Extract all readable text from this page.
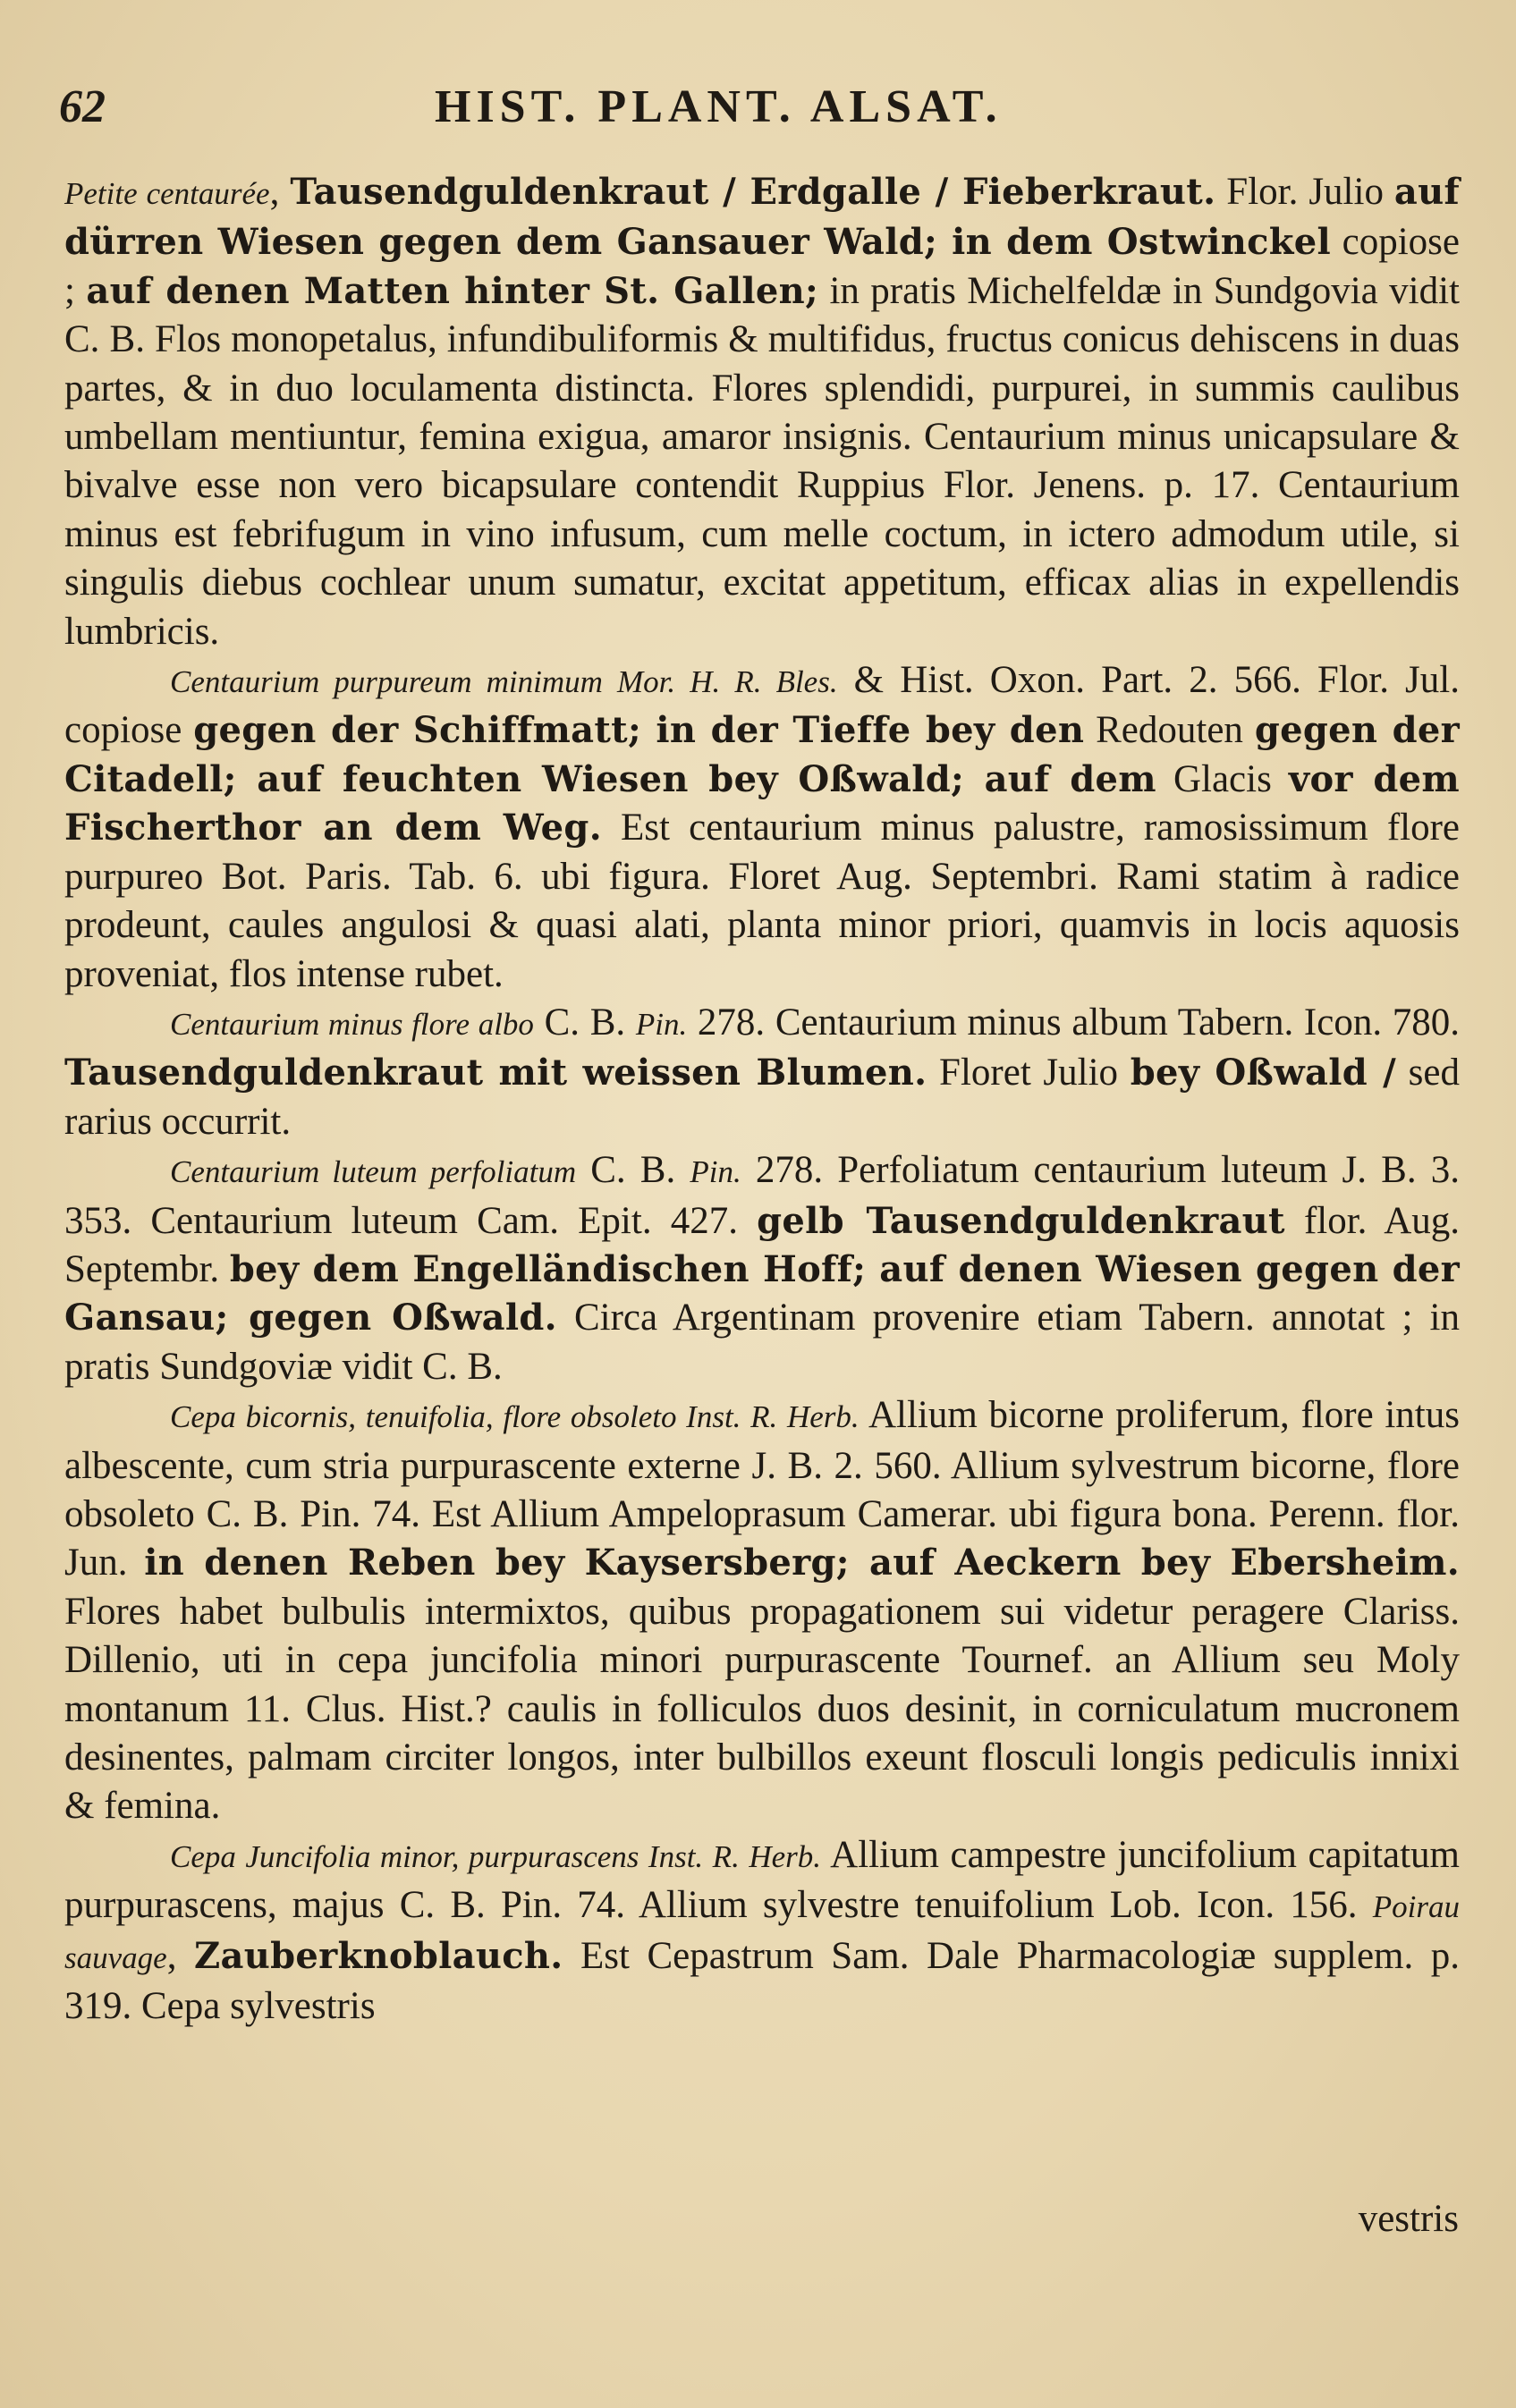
62	HIST. PLANT. ALSAT.

Petite centaurée, Tausendguldenkraut / Erdgalle / Fieberkraut. Flor. Julio auf dürren Wiesen gegen dem Gansauer Wald; in dem Ostwinckel copiose ; auf denen Matten hinter St. Gallen; in pratis Michelfeldæ in Sundgovia vidit C. B. Flos monopetalus, infundibuliformis & multifidus, fructus conicus dehiscens in duas partes, & in duo loculamenta distincta. Flores splendidi, purpurei, in summis caulibus umbellam mentiuntur, femina exigua, amaror insignis. Centaurium minus unicapsulare & bivalve esse non vero bicapsulare contendit Ruppius Flor. Jenens. p. 17. Centaurium minus est febrifugum in vino infusum, cum melle coctum, in ictero admodum utile, si singulis diebus cochlear unum sumatur, excitat appetitum, efficax alias in expellendis lumbricis.

Centaurium purpureum minimum Mor. H. R. Bles. & Hist. Oxon. Part. 2. 566. Flor. Jul. copiose gegen der Schiffmatt; in der Tieffe bey den Redouten gegen der Citadell; auf feuchten Wiesen bey Oßwald; auf dem Glacis vor dem Fischerthor an dem Weg. Est centaurium minus palustre, ramosissimum flore purpureo Bot. Paris. Tab. 6. ubi figura. Floret Aug. Septembri. Rami statim à radice prodeunt, caules angulosi & quasi alati, planta minor priori, quamvis in locis aquosis proveniat, flos intense rubet.

Centaurium minus flore albo C. B. Pin. 278. Centaurium minus album Tabern. Icon. 780. Tausendguldenkraut mit weissen Blumen. Floret Julio bey Oßwald / sed rarius occurrit.

Centaurium luteum perfoliatum C. B. Pin. 278. Perfoliatum centaurium luteum J. B. 3. 353. Centaurium luteum Cam. Epit. 427. gelb Tausendguldenkraut flor. Aug. Septembr. bey dem Engelländischen Hoff; auf denen Wiesen gegen der Gansau; gegen Oßwald. Circa Argentinam provenire etiam Tabern. annotat ; in pratis Sundgoviæ vidit C. B.

Cepa bicornis, tenuifolia, flore obsoleto Inst. R. Herb. Allium bicorne proliferum, flore intus albescente, cum stria purpurascente externe J. B. 2. 560. Allium sylvestrum bicorne, flore obsoleto C. B. Pin. 74. Est Allium Ampeloprasum Camerar. ubi figura bona. Perenn. flor. Jun. in denen Reben bey Kaysersberg; auf Aeckern bey Ebersheim. Flores habet bulbulis intermixtos, quibus propagationem sui videtur peragere Clariss. Dillenio, uti in cepa juncifolia minori purpurascente Tournef. an Allium seu Moly montanum 11. Clus. Hist.? caulis in folliculos duos desinit, in corniculatum mucronem desinentes, palmam circiter longos, inter bulbillos exeunt flosculi longis pediculis innixi & femina.

Cepa Juncifolia minor, purpurascens Inst. R. Herb. Allium campestre juncifolium capitatum purpurascens, majus C. B. Pin. 74. Allium sylvestre tenuifolium Lob. Icon. 156. Poirau sauvage, Zauberknoblauch. Est Cepastrum Sam. Dale Pharmacologiæ supplem. p. 319. Cepa sylvestris

vestris
